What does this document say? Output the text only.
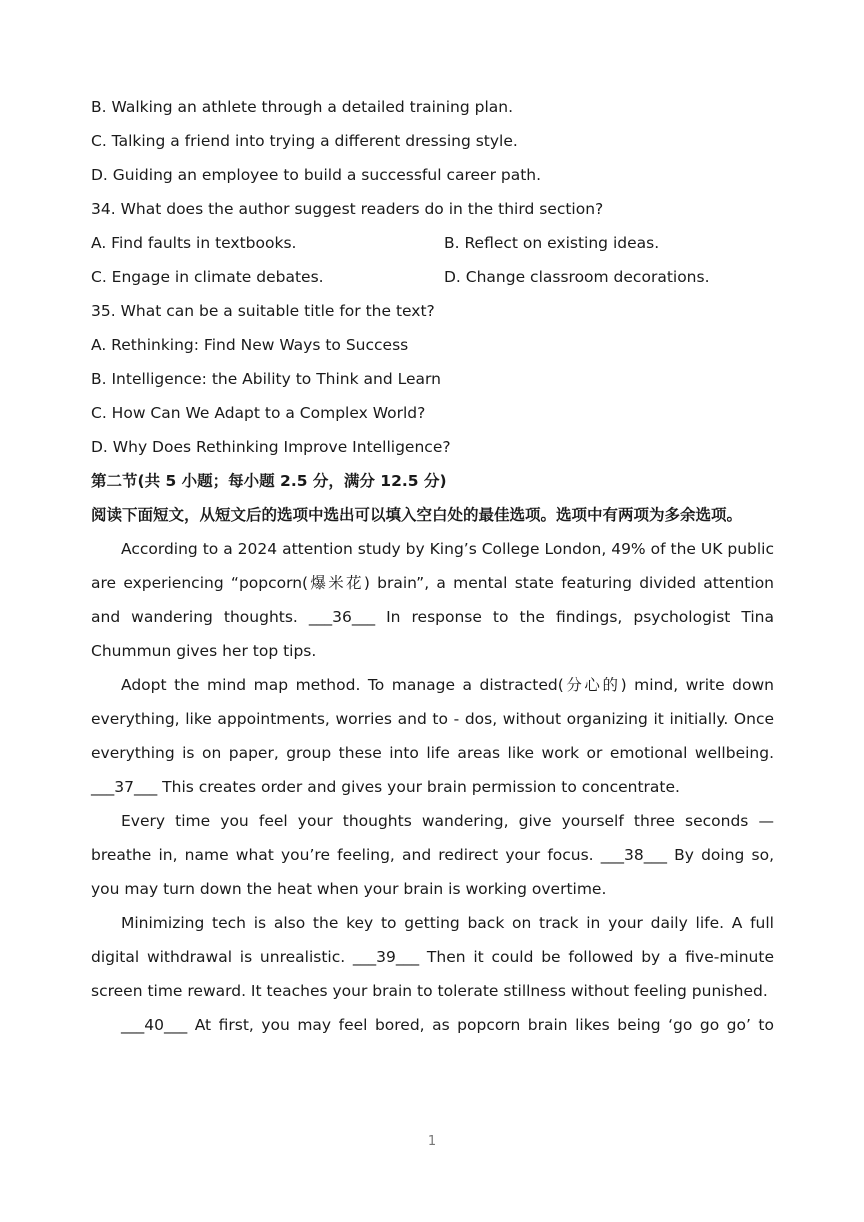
B. Walking an athlete through a detailed training plan.
C. Talking a friend into trying a different dressing style.
D. Guiding an employee to build a successful career path.
34. What does the author suggest readers do in the third section?
A. Find faults in textbooks.	B. Reflect on existing ideas.
C. Engage in climate debates.	D. Change classroom decorations.
35. What can be a suitable title for the text?
A. Rethinking: Find New Ways to Success
B. Intelligence: the Ability to Think and Learn
C. How Can We Adapt to a Complex World?
D. Why Does Rethinking Improve Intelligence?
第二节(共 5 小题；每小题 2.5 分，满分 12.5 分)
阅读下面短文，从短文后的选项中选出可以填入空白处的最佳选项。选项中有两项为多余选项。
According to a 2024 attention study by King’s College London, 49% of the UK public are experiencing “popcorn(爆米花) brain”, a mental state featuring divided attention and wandering thoughts. ___36___ In response to the findings, psychologist Tina Chummun gives her top tips.
Adopt the mind map method. To manage a distracted(分心的) mind, write down everything, like appointments, worries and to - dos, without organizing it initially. Once everything is on paper, group these into life areas like work or emotional wellbeing. ___37___ This creates order and gives your brain permission to concentrate.
Every time you feel your thoughts wandering, give yourself three seconds — breathe in, name what you’re feeling, and redirect your focus. ___38___ By doing so, you may turn down the heat when your brain is working overtime.
Minimizing tech is also the key to getting back on track in your daily life. A full digital withdrawal is unrealistic. ___39___ Then it could be followed by a five-minute screen time reward. It teaches your brain to tolerate stillness without feeling punished.
___40___ At first, you may feel bored, as popcorn brain likes being ‘go go go’ to
1
